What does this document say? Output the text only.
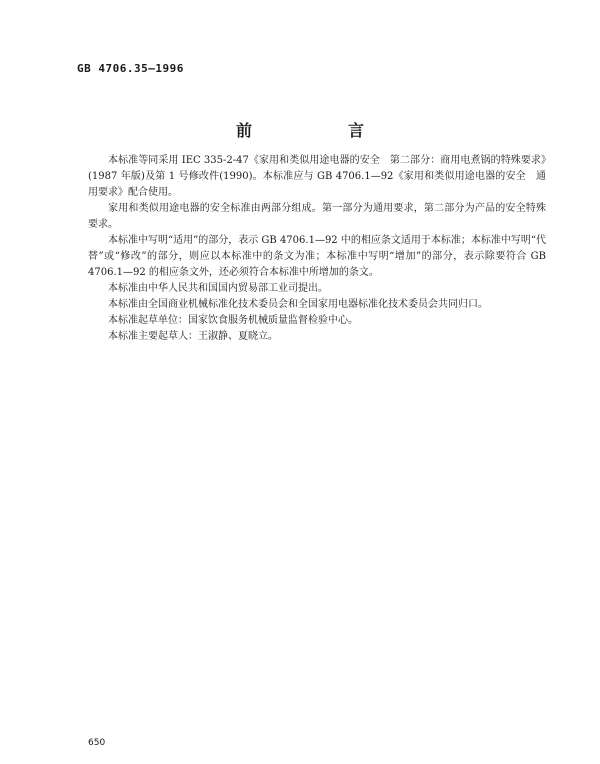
GB 4706.35—1996
前　言

本标准等同采用 IEC 335-2-47《家用和类似用途电器的安全　第二部分：商用电煮锅的特殊要求》(1987 年版)及第 1 号修改件(1990)。本标准应与 GB 4706.1—92《家用和类似用途电器的安全　通用要求》配合使用。

家用和类似用途电器的安全标准由两部分组成。第一部分为通用要求，第二部分为产品的安全特殊要求。

本标准中写明“适用”的部分，表示 GB 4706.1—92 中的相应条文适用于本标准；本标准中写明“代替”或“修改”的部分，则应以本标准中的条文为准；本标准中写明“增加”的部分，表示除要符合 GB 4706.1—92 的相应条文外，还必须符合本标准中所增加的条文。

本标准由中华人民共和国国内贸易部工业司提出。

本标准由全国商业机械标准化技术委员会和全国家用电器标准化技术委员会共同归口。

本标准起草单位：国家饮食服务机械质量监督检验中心。

本标准主要起草人：王淑静、夏晓立。

650
